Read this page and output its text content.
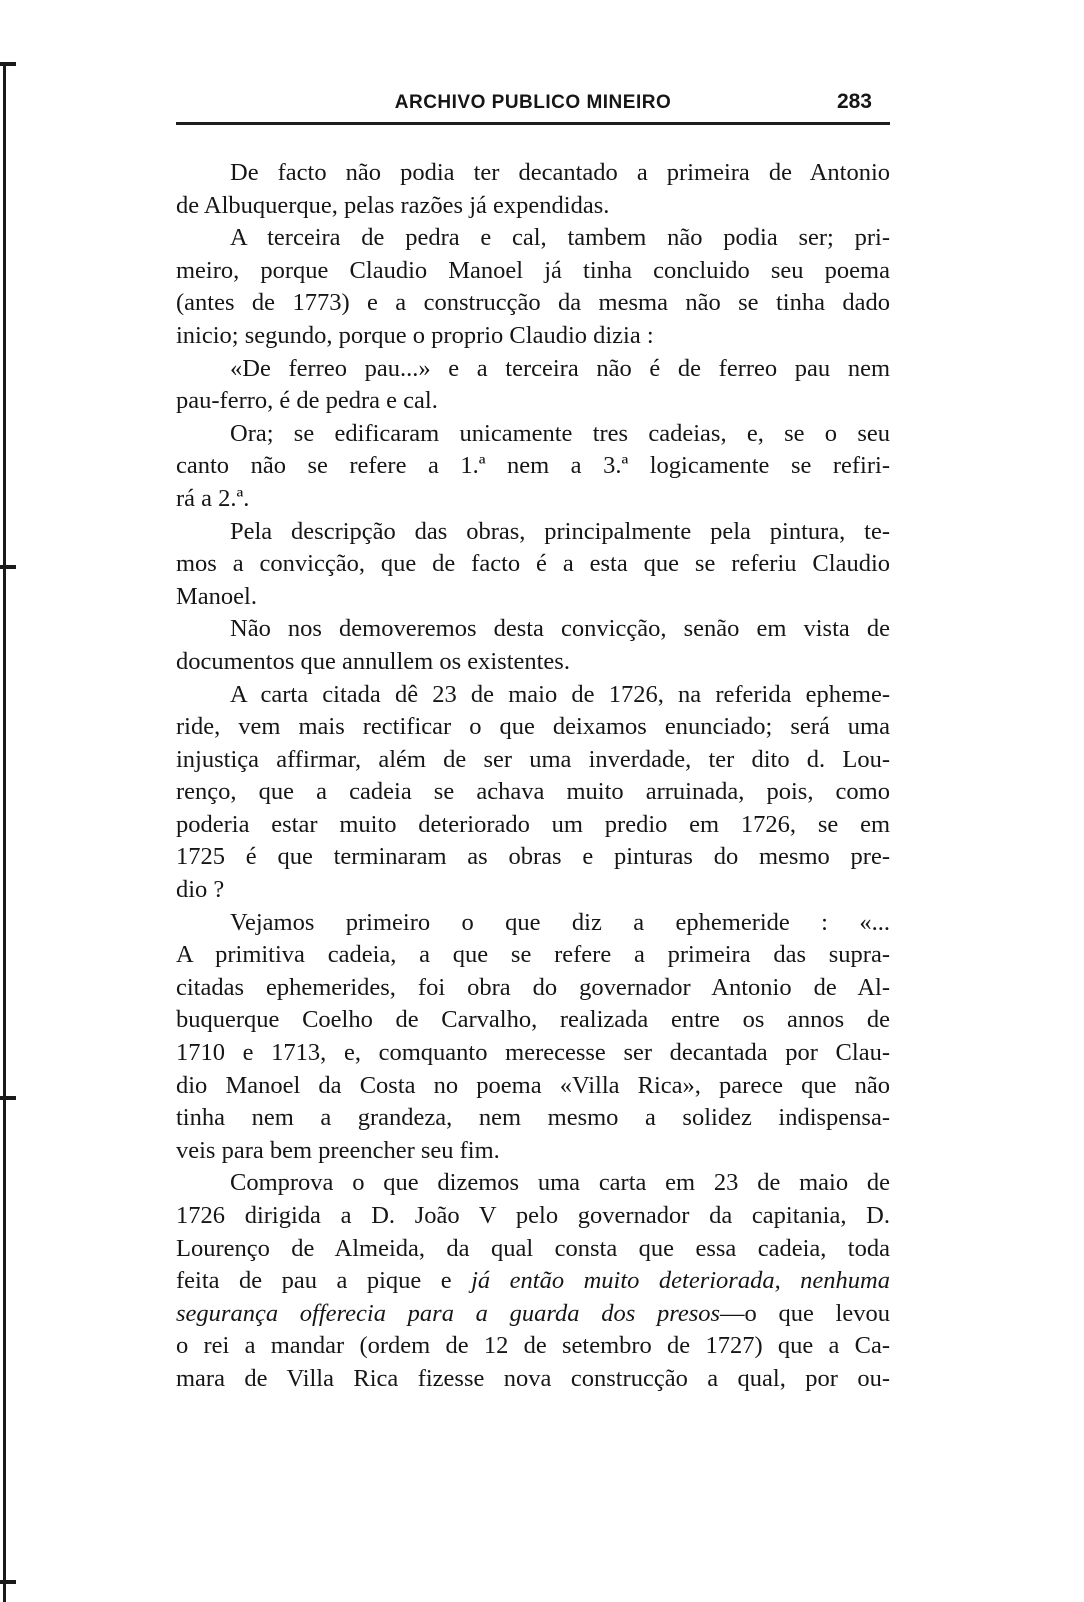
ARCHIVO PUBLICO MINEIRO	283
De facto não podia ter decantado a primeira de Antonio
de Albuquerque, pelas razões já expendidas.
A terceira de pedra e cal, tambem não podia ser; pri-
meiro, porque Claudio Manoel já tinha concluido seu poema
(antes de 1773) e a construcção da mesma não se tinha dado
inicio; segundo, porque o proprio Claudio dizia :
«De ferreo pau...» e a terceira não é de ferreo pau nem
pau-ferro, é de pedra e cal.
Ora; se edificaram unicamente tres cadeias, e, se o seu
canto não se refere a 1.ª nem a 3.ª logicamente se refiri-
rá a 2.ª.
Pela descripção das obras, principalmente pela pintura, te-
mos a convicção, que de facto é a esta que se referiu Claudio
Manoel.
Não nos demoveremos desta convicção, senão em vista de
documentos que annullem os existentes.
A carta citada dê 23 de maio de 1726, na referida epheme-
ride, vem mais rectificar o que deixamos enunciado; será uma
injustiça affirmar, além de ser uma inverdade, ter dito d. Lou-
renço, que a cadeia se achava muito arruinada, pois, como
poderia estar muito deteriorado um predio em 1726, se em
1725 é que terminaram as obras e pinturas do mesmo pre-
dio ?
Vejamos primeiro o que diz a ephemeride : «...
A primitiva cadeia, a que se refere a primeira das supra-
citadas ephemerides, foi obra do governador Antonio de Al-
buquerque Coelho de Carvalho, realizada entre os annos de
1710 e 1713, e, comquanto merecesse ser decantada por Clau-
dio Manoel da Costa no poema «Villa Rica», parece que não
tinha nem a grandeza, nem mesmo a solidez indispensa-
veis para bem preencher seu fim.
Comprova o que dizemos uma carta em 23 de maio de
1726 dirigida a D. João V pelo governador da capitania, D.
Lourenço de Almeida, da qual consta que essa cadeia, toda
feita de pau a pique e já então muito deteriorada, nenhuma
segurança offerecia para a guarda dos presos—o que levou
o rei a mandar (ordem de 12 de setembro de 1727) que a Ca-
mara de Villa Rica fizesse nova construcção a qual, por ou-
